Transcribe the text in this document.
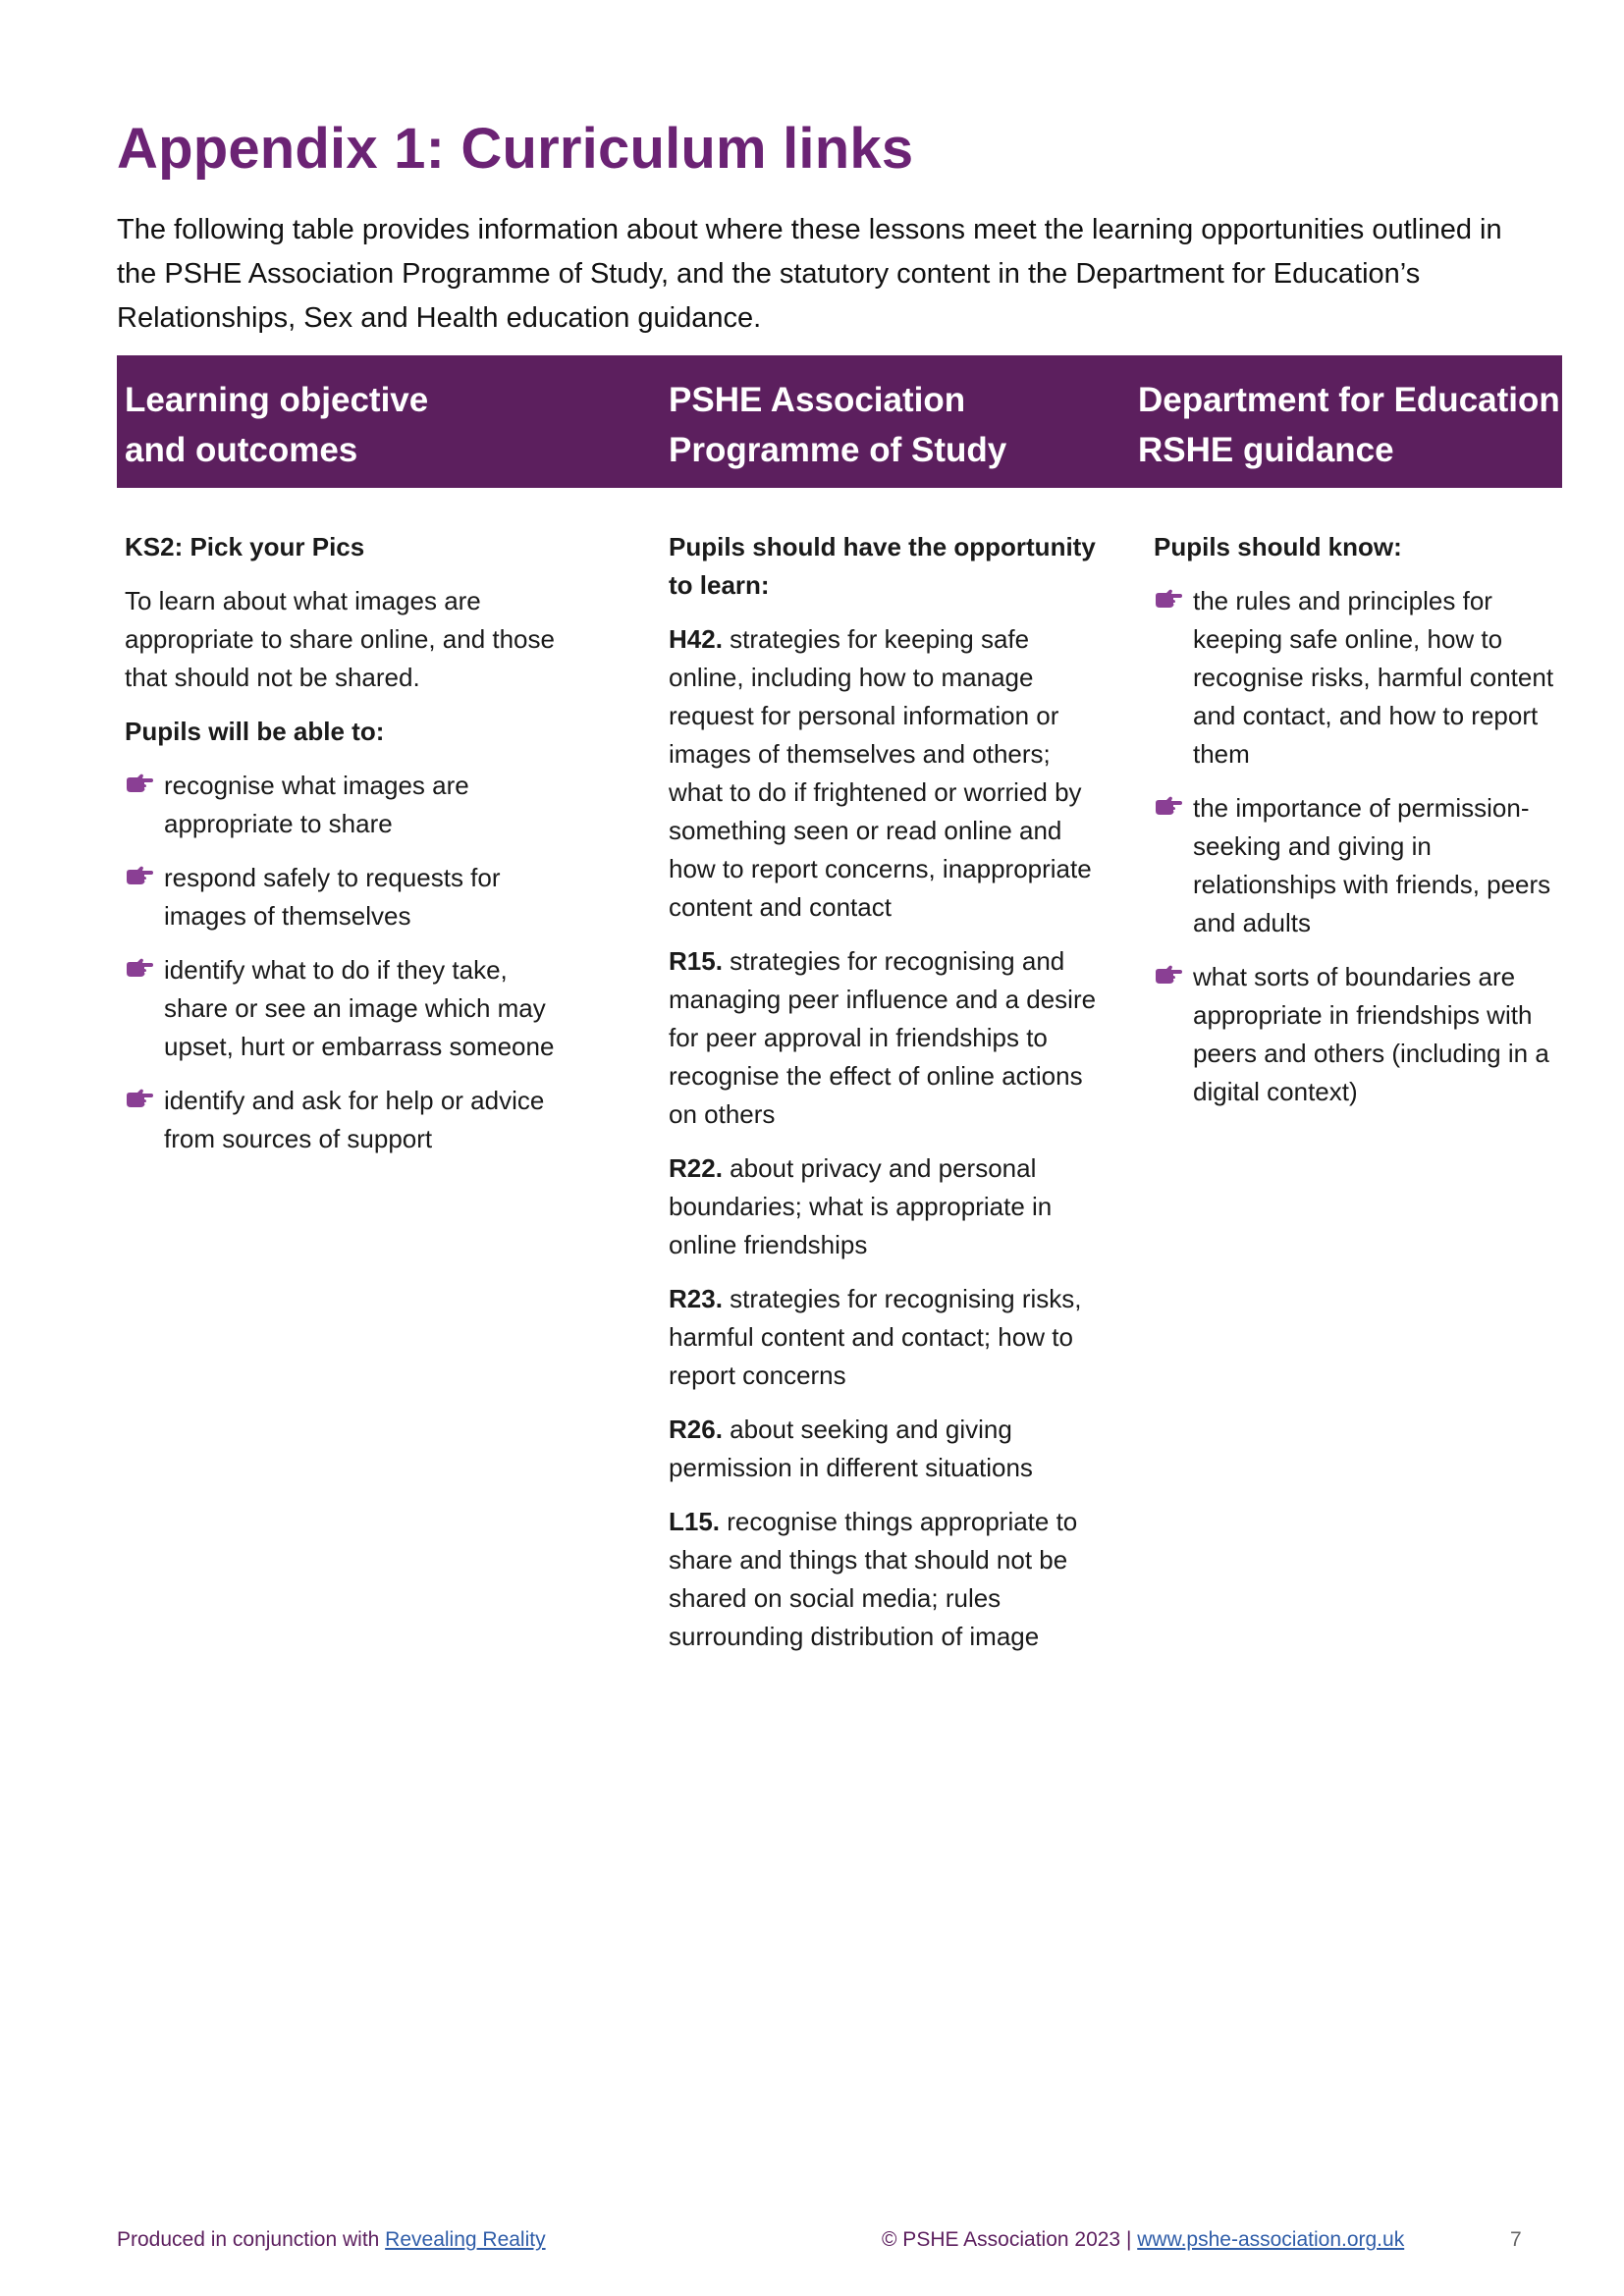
Appendix 1: Curriculum links

The following table provides information about where these lessons meet the learning opportunities outlined in the PSHE Association Programme of Study, and the statutory content in the Department for Education’s Relationships, Sex and Health education guidance.

Learning objective
and outcomes
PSHE Association
Programme of Study
Department for Education
RSHE guidance

KS2: Pick your Pics

To learn about what images are appropriate to share online, and those that should not be shared.

Pupils will be able to:

recognise what images are appropriate to share
respond safely to requests for images of themselves
identify what to do if they take, share or see an image which may upset, hurt or embarrass someone
identify and ask for help or advice from sources of support

Pupils should have the opportunity to learn:

H42. strategies for keeping safe online, including how to manage request for personal information or images of themselves and others; what to do if frightened or worried by something seen or read online and how to report concerns, inappropriate content and contact

R15. strategies for recognising and managing peer influence and a desire for peer approval in friendships to recognise the effect of online actions on others

R22. about privacy and personal boundaries; what is appropriate in online friendships

R23. strategies for recognising risks, harmful content and contact; how to report concerns

R26. about seeking and giving permission in different situations

L15. recognise things appropriate to share and things that should not be shared on social media; rules surrounding distribution of image

Pupils should know:

the rules and principles for keeping safe online, how to recognise risks, harmful content and contact, and how to report them
the importance of permission-seeking and giving in relationships with friends, peers and adults
what sorts of boundaries are appropriate in friendships with peers and others (including in a digital context)
Produced in conjunction with Revealing Reality	© PSHE Association 2023 | www.pshe-association.org.uk	7
